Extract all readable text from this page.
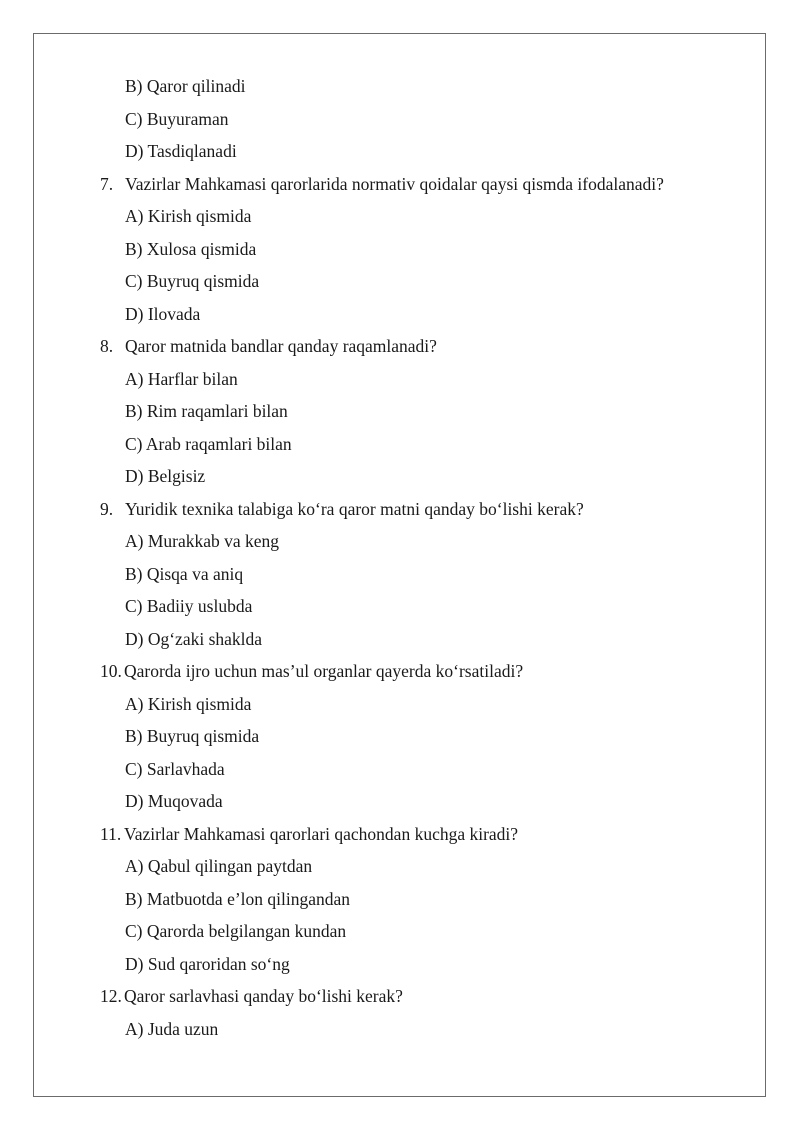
B) Qaror qilinadi
C) Buyuraman
D) Tasdiqlanadi
7. Vazirlar Mahkamasi qarorlarida normativ qoidalar qaysi qismda ifodalanadi?
A) Kirish qismida
B) Xulosa qismida
C) Buyruq qismida
D) Ilovada
8. Qaror matnida bandlar qanday raqamlanadi?
A) Harflar bilan
B) Rim raqamlari bilan
C) Arab raqamlari bilan
D) Belgisiz
9. Yuridik texnika talabiga ko‘ra qaror matni qanday bo‘lishi kerak?
A) Murakkab va keng
B) Qisqa va aniq
C) Badiiy uslubda
D) Og‘zaki shaklda
10. Qarorda ijro uchun mas’ul organlar qayerda ko‘rsatiladi?
A) Kirish qismida
B) Buyruq qismida
C) Sarlavhada
D) Muqovada
11. Vazirlar Mahkamasi qarorlari qachondan kuchga kiradi?
A) Qabul qilingan paytdan
B) Matbuotda e’lon qilingandan
C) Qarorda belgilangan kundan
D) Sud qaroridan so‘ng
12. Qaror sarlavhasi qanday bo‘lishi kerak?
A) Juda uzun
